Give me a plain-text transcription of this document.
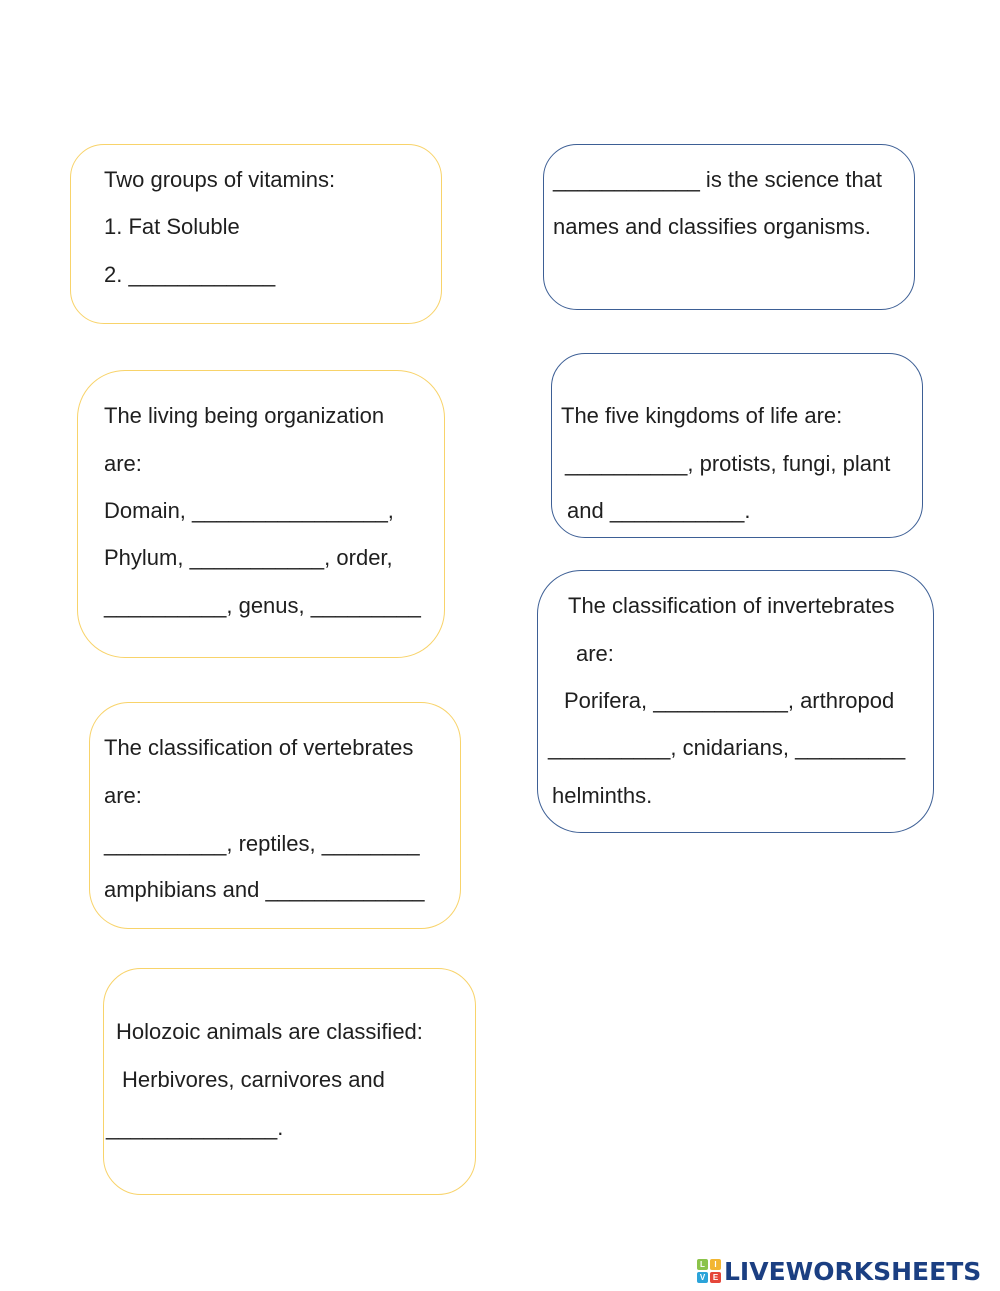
Two groups of vitamins:
1. Fat Soluble
2. ____________
____________ is the science that
names and classifies organisms.
The living being organization
are:
Domain, ________________,
Phylum, ___________, order,
__________, genus, _________
The five kingdoms of life are:
__________, protists, fungi, plant
and ___________.
The classification of invertebrates
are:
Porifera, ___________, arthropod
__________, cnidarians, _________
helminths.
The classification of vertebrates
are:
__________, reptiles, ________
amphibians and _____________
Holozoic animals are classified:
Herbivores, carnivores and
______________.
L	I
V E LIVEWORKSHEETS
